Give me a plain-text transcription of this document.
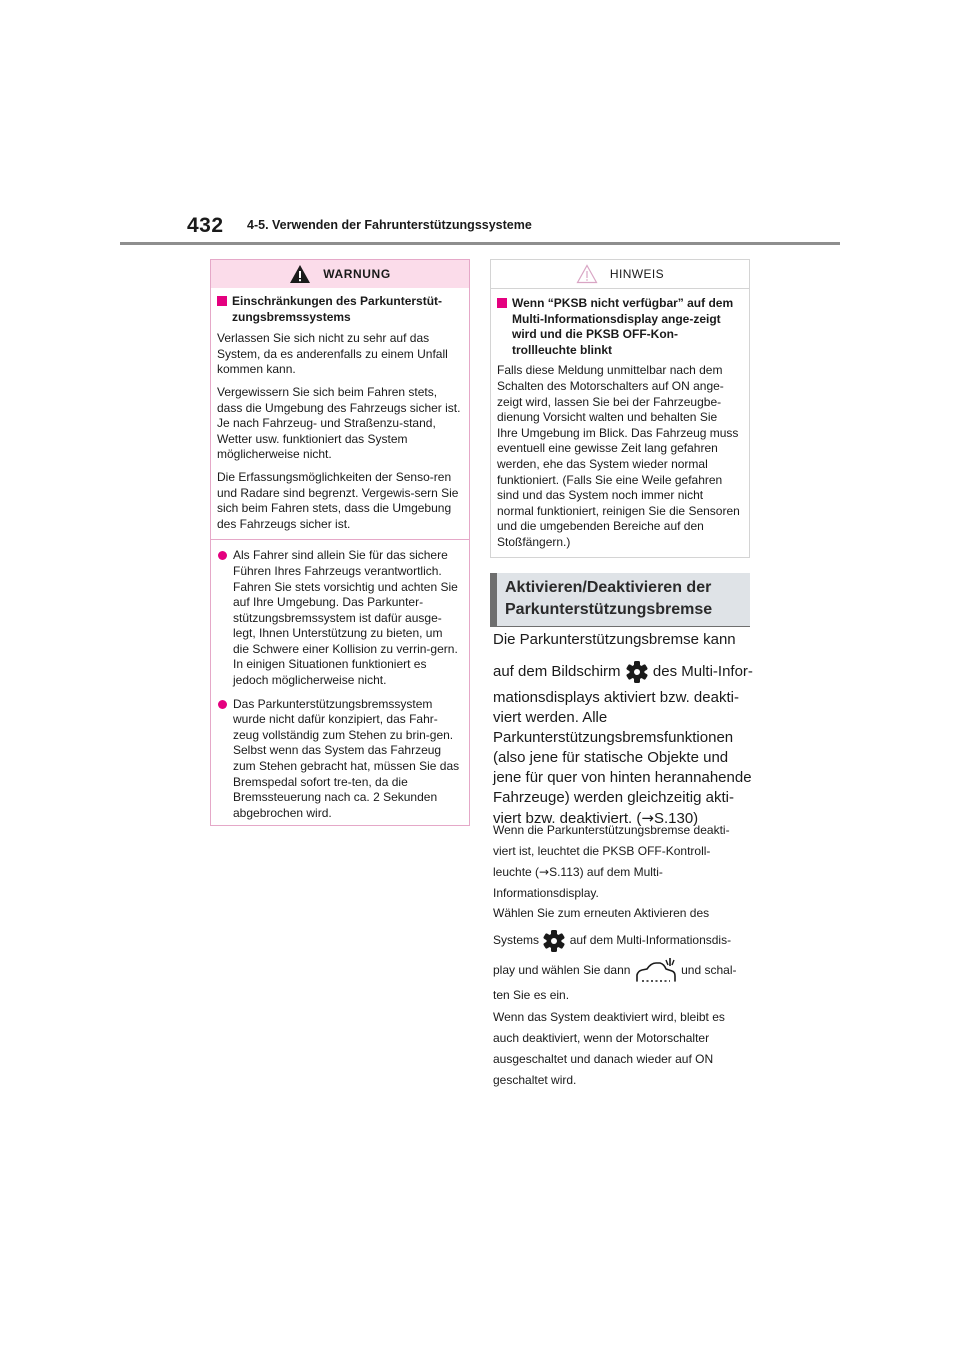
432 4-5. Verwenden der Fahrunterstützungssysteme
WARNUNG
Einschränkungen des Parkunterstüt-zungsbremssystems

Verlassen Sie sich nicht zu sehr auf das System, da es anderenfalls zu einem Unfall kommen kann.

Vergewissern Sie sich beim Fahren stets, dass die Umgebung des Fahrzeugs sicher ist. Je nach Fahrzeug- und Straßenzu-stand, Wetter usw. funktioniert das System möglicherweise nicht.

Die Erfassungsmöglichkeiten der Senso-ren und Radare sind begrenzt. Vergewis-sern Sie sich beim Fahren stets, dass die Umgebung des Fahrzeugs sicher ist.

Als Fahrer sind allein Sie für das sichere Führen Ihres Fahrzeugs verantwortlich. Fahren Sie stets vorsichtig und achten Sie auf Ihre Umgebung. Das Parkunter-stützungsbremssystem ist dafür ausge-legt, Ihnen Unterstützung zu bieten, um die Schwere einer Kollision zu verrin-gern. In einigen Situationen funktioniert es jedoch möglicherweise nicht.
Das Parkunterstützungsbremssystem wurde nicht dafür konzipiert, das Fahr-zeug vollständig zum Stehen zu brin-gen. Selbst wenn das System das Fahrzeug zum Stehen gebracht hat, müssen Sie das Bremspedal sofort tre-ten, da die Bremssteuerung nach ca. 2 Sekunden abgebrochen wird.
HINWEIS
Wenn “PKSB nicht verfügbar” auf dem Multi-Informationsdisplay ange-zeigt wird und die PKSB OFF-Kon-trollleuchte blinkt

Falls diese Meldung unmittelbar nach dem Schalten des Motorschalters auf ON ange-zeigt wird, lassen Sie bei der Fahrzeugbe-dienung Vorsicht walten und behalten Sie Ihre Umgebung im Blick. Das Fahrzeug muss eventuell eine gewisse Zeit lang gefahren werden, ehe das System wieder normal funktioniert. (Falls Sie eine Weile gefahren sind und das System noch immer nicht normal funktioniert, reinigen Sie die Sensoren und die umgebenden Bereiche auf den Stoßfängern.)

Aktivieren/Deaktivieren der
Parkunterstützungsbremse

Die Parkunterstützungsbremse kann

auf dem Bildschirm des Multi-Infor-

mationsdisplays aktiviert bzw. deakti-

viert werden. Alle

Parkunterstützungsbremsfunktionen

(also jene für statische Objekte und

jene für quer von hinten herannahende

Fahrzeuge) werden gleichzeitig akti-

viert bzw. deaktiviert. (→S.130)

Wenn die Parkunterstützungsbremse deakti-

viert ist, leuchtet die PKSB OFF-Kontroll-

leuchte (→S.113) auf dem Multi-

Informationsdisplay.

Wählen Sie zum erneuten Aktivieren des

Systems	auf dem Multi-Informationsdis-

play und wählen Sie dann	und schal-

ten Sie es ein.

Wenn das System deaktiviert wird, bleibt es

auch deaktiviert, wenn der Motorschalter

ausgeschaltet und danach wieder auf ON

geschaltet wird.
